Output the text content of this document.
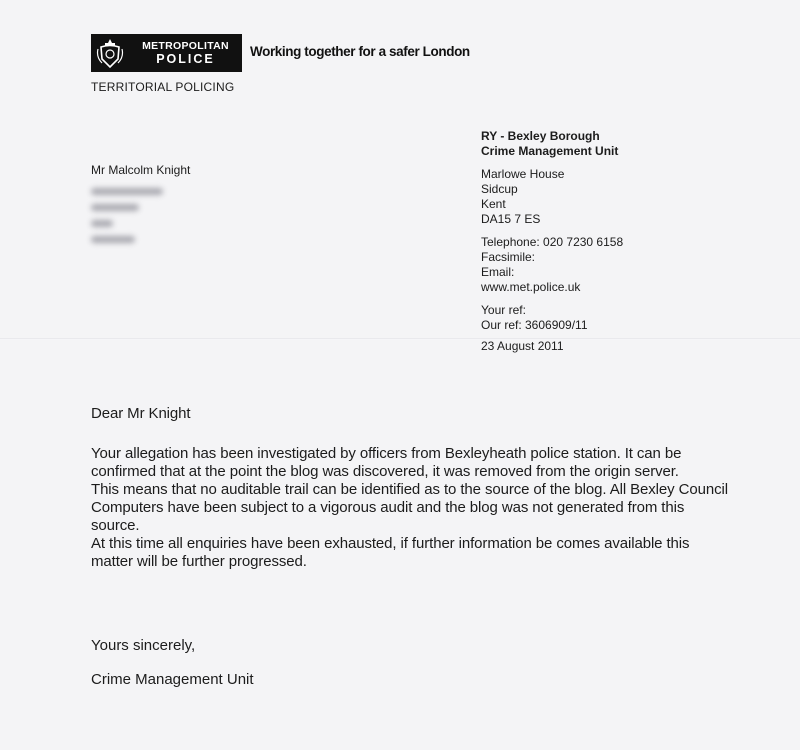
METROPOLITAN
POLICE	Working together for a safer London
TERRITORIAL POLICING
Mr Malcolm Knight
RY - Bexley Borough
Crime Management Unit
Marlowe House
Sidcup
Kent
DA15 7 ES
Telephone: 020 7230 6158
Facsimile:
Email:
www.met.police.uk
Your ref:
Our ref: 3606909/11
23 August 2011

Dear Mr Knight

Your allegation has been investigated by officers from Bexleyheath police station. It can be confirmed that at the point the blog was discovered, it was removed from the origin server.

This means that no auditable trail can be identified as to the source of the blog. All Bexley Council Computers have been subject to a vigorous audit and the blog was not generated from this source.

At this time all enquiries have been exhausted, if further information be comes available this matter will be further progressed.

Yours sincerely,
Crime Management Unit
